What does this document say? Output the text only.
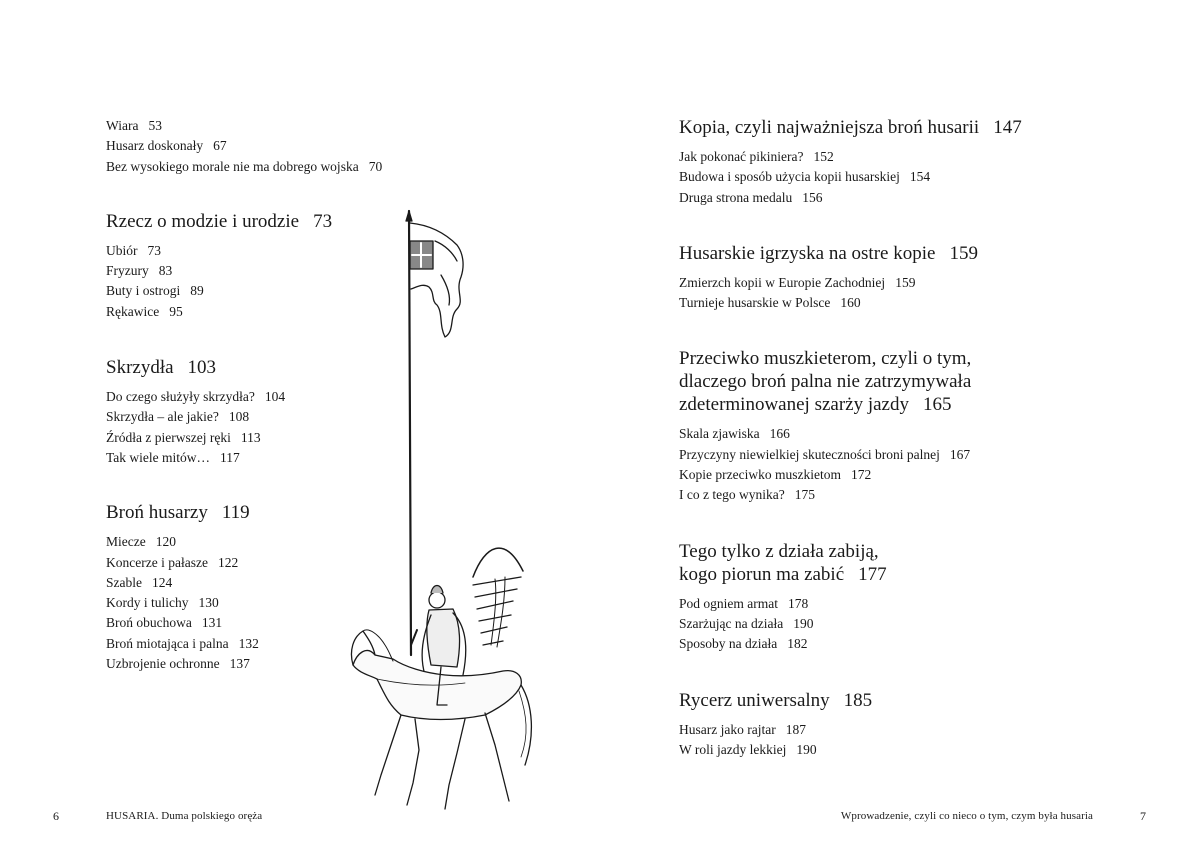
Wiara 53
Husarz doskonały 67
Bez wysokiego morale nie ma dobrego wojska 70
Rzecz o modzie i urodzie 73
Ubiór 73
Fryzury 83
Buty i ostrogi 89
Rękawice 95
Skrzydła 103
Do czego służyły skrzydła? 104
Skrzydła – ale jakie? 108
Źródła z pierwszej ręki 113
Tak wiele mitów… 117
Broń husarzy 119
Miecze 120
Koncerze i pałasze 122
Szable 124
Kordy i tulichy 130
Broń obuchowa 131
Broń miotająca i palna 132
Uzbrojenie ochronne 137
Kopia, czyli najważniejsza broń husarii 147
Jak pokonać pikiniera? 152
Budowa i sposób użycia kopii husarskiej 154
Druga strona medalu 156
Husarskie igrzyska na ostre kopie 159
Zmierzch kopii w Europie Zachodniej 159
Turnieje husarskie w Polsce 160
Przeciwko muszkieterom, czyli o tym,
dlaczego broń palna nie zatrzymywała
zdeterminowanej szarży jazdy 165
Skala zjawiska 166
Przyczyny niewielkiej skuteczności broni palnej 167
Kopie przeciwko muszkietom 172
I co z tego wynika? 175
Tego tylko z działa zabiją,
kogo piorun ma zabić 177
Pod ogniem armat 178
Szarżując na działa 190
Sposoby na działa 182
Rycerz uniwersalny 185
Husarz jako rajtar 187
W roli jazdy lekkiej 190
6	HUSARIA. Duma polskiego oręża	Wprowadzenie, czyli co nieco o tym, czym była husaria	7
